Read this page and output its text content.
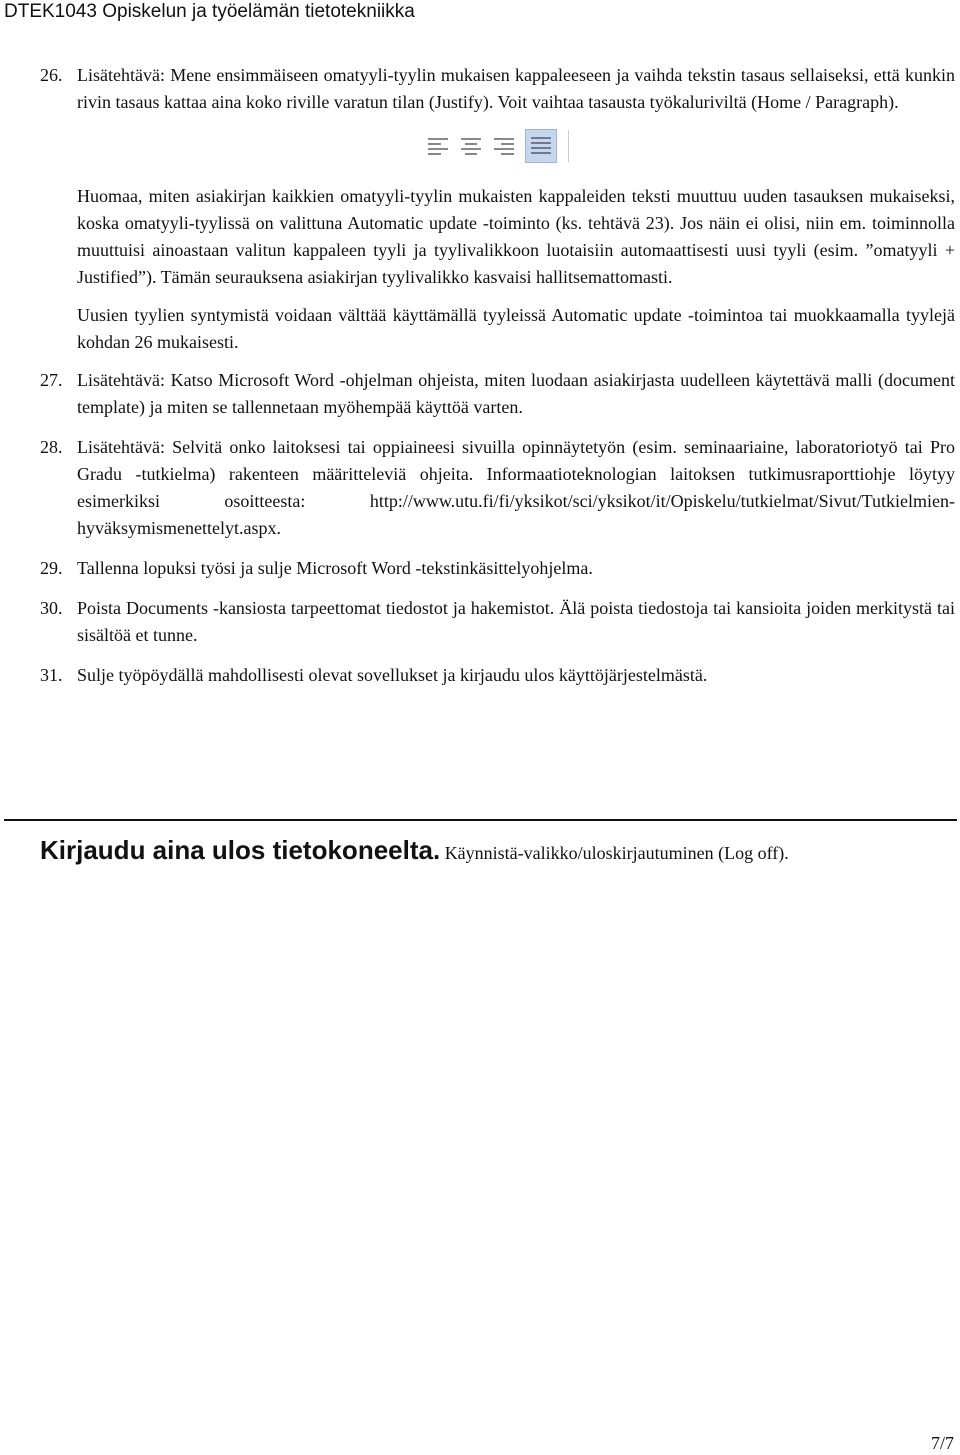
DTEK1043 Opiskelun ja työelämän tietotekniikka
26. Lisätehtävä: Mene ensimmäiseen omatyyli-tyylin mukaisen kappaleeseen ja vaihda tekstin tasaus sellaiseksi, että kunkin rivin tasaus kattaa aina koko riville varatun tilan (Justify). Voit vaihtaa tasausta työkaluriviltä (Home / Paragraph).

Huomaa, miten asiakirjan kaikkien omatyyli-tyylin mukaisten kappaleiden teksti muuttuu uuden tasauksen mukaiseksi, koska omatyyli-tyylissä on valittuna Automatic update -toiminto (ks. tehtävä 23). Jos näin ei olisi, niin em. toiminnolla muuttuisi ainoastaan valitun kappaleen tyyli ja tyylivalikkoon luotaisiin automaattisesti uusi tyyli (esim. ”omatyyli + Justified”). Tämän seurauksena asiakirjan tyylivalikko kasvaisi hallitsemattomasti.

Uusien tyylien syntymistä voidaan välttää käyttämällä tyyleissä Automatic update -toimintoa tai muokkaamalla tyylejä kohdan 26 mukaisesti.

27. Lisätehtävä: Katso Microsoft Word -ohjelman ohjeista, miten luodaan asiakirjasta uudelleen käytettävä malli (document template) ja miten se tallennetaan myöhempää käyttöä varten.

28. Lisätehtävä: Selvitä onko laitoksesi tai oppiaineesi sivuilla opinnäytetyön (esim. seminaariaine, laboratoriotyö tai Pro Gradu -tutkielma) rakenteen määritteleviä ohjeita. Informaatioteknologian laitoksen tutkimusraporttiohje löytyy esimerkiksi osoitteesta: http://www.utu.fi/fi/yksikot/sci/yksikot/it/Opiskelu/tutkielmat/Sivut/Tutkielmien-hyväksymismenettelyt.aspx.

29. Tallenna lopuksi työsi ja sulje Microsoft Word -tekstinkäsittelyohjelma.

30. Poista Documents -kansiosta tarpeettomat tiedostot ja hakemistot. Älä poista tiedostoja tai kansioita joiden merkitystä tai sisältöä et tunne.

31. Sulje työpöydällä mahdollisesti olevat sovellukset ja kirjaudu ulos käyttöjärjestelmästä.

Kirjaudu aina ulos tietokoneelta. Käynnistä-valikko/uloskirjautuminen (Log off).
7/7
